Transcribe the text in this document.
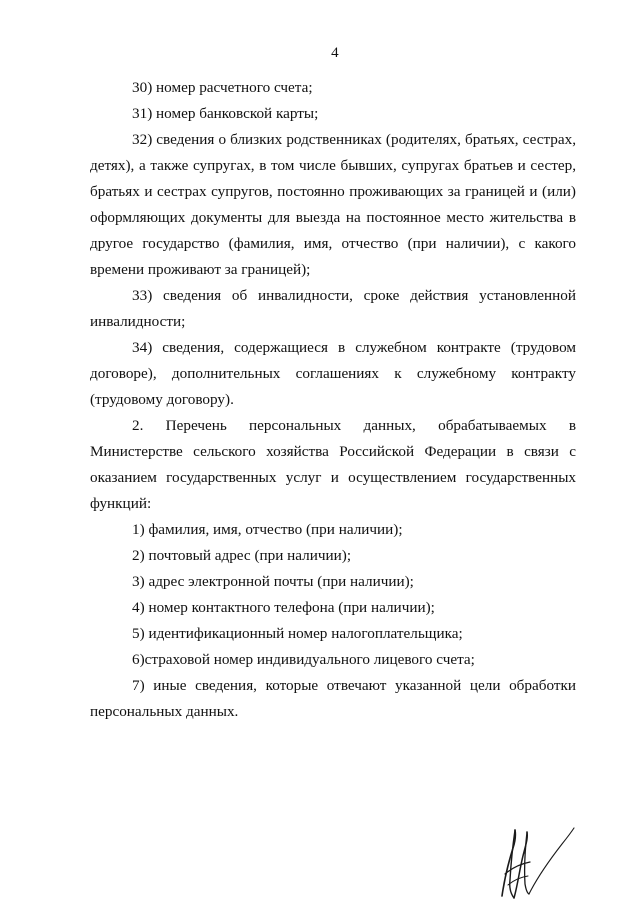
4

30) номер расчетного счета;

31) номер банковской карты;

32) сведения о близких родственниках (родителях, братьях, сестрах, детях), а также супругах, в том числе бывших, супругах братьев и сестер, братьях и сестрах супругов, постоянно проживающих за границей и (или) оформляющих документы для выезда на постоянное место жительства в другое государство (фамилия, имя, отчество (при наличии), с какого времени проживают за границей);

33) сведения об инвалидности, сроке действия установленной инвалидности;

34) сведения, содержащиеся в служебном контракте (трудовом договоре), дополнительных соглашениях к служебному контракту (трудовому договору).

2. Перечень персональных данных, обрабатываемых в Министерстве сельского хозяйства Российской Федерации в связи с оказанием государственных услуг и осуществлением государственных функций:

1) фамилия, имя, отчество (при наличии);

2) почтовый адрес (при наличии);

3) адрес электронной почты (при наличии);

4) номер контактного телефона (при наличии);

5) идентификационный номер налогоплательщика;

6)страховой номер индивидуального лицевого счета;

7) иные сведения, которые отвечают указанной цели обработки персональных данных.
